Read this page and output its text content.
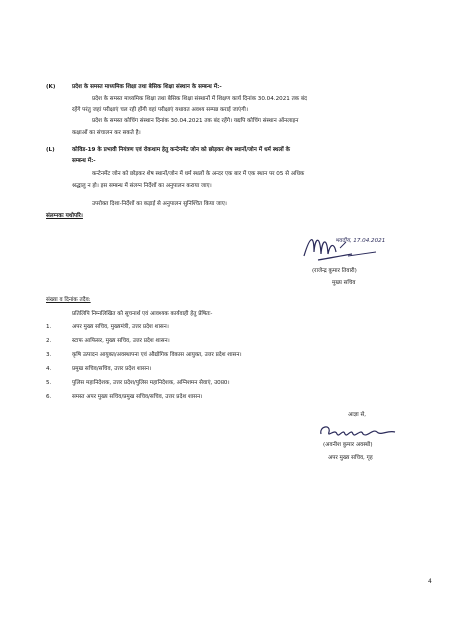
(K)	प्रदेश के समस्त माध्यमिक शिक्षा तथा बेसिक शिक्षा संस्थान के सम्बन्ध में:-
प्रदेश के समस्त माध्यमिक शिक्षा तथा बेसिक शिक्षा संस्थानों में शिक्षण कार्य दिनांक 30.04.2021 तक बंद
रहेंगे परंतु जहां परीक्षाएं चल रही होंगी वहां परीक्षाएं यथावत अवश्य सम्पन्न कराई जाएंगी।
प्रदेश के समस्त कोचिंग संस्थान दिनांक 30.04.2021 तक बंद रहेंगे। यद्यपि कोचिंग संस्थान ऑनलाइन
कक्षाओं का संचालन कर सकते है।
(L)	कोविड-19 के प्रभावी नियंत्रण एवं रोकथाम हेतु कन्टेनमेंट जोन को छोड़कर शेष स्थानों/जोन में धर्म स्थलों के
सम्बन्ध में:-
कन्टेनमेंट जोन को छोड़कर शेष स्थानों/जोन में धर्म स्थलों के अन्दर एक बार में एक स्थान पर 05 से अधिक
श्रद्धालु न हो। इस सम्बन्ध में संलग्न निर्देशों का अनुपालन कराया जाए।
उपरोक्त दिशा-निर्देशों का कड़ाई से अनुपालन सुनिश्चित किया जाए।
संलग्नकः यथोपरि।
भवदीय, 17.04.2021
(राजेन्द्र कुमार तिवारी)
मुख्य सचिव
संख्या व दिनांक तदैव:
प्रतिलिपि निम्नलिखित को सूचनार्थ एवं आवश्यक कार्यवाही हेतु प्रेषितः-
1.	अपर मुख्य सचिव, मुख्यमंत्री, उत्तर प्रदेश शासन।
2.	स्टाफ आफिसर, मुख्य सचिव, उत्तर प्रदेश शासन।
3.	कृषि उत्पादन आयुक्त/अवस्थापना एवं औद्योगिक विकास आयुक्त, उत्तर प्रदेश शासन।
4.	प्रमुख सचिव/सचिव, उत्तर प्रदेश शासन।
5.	पुलिस महानिदेशक, उत्तर प्रदेश/पुलिस महानिदेशक, अग्निशमन सेवाएं, उ0प्र0।
6.	समस्त अपर मुख्य सचिव/प्रमुख सचिव/सचिव, उत्तर प्रदेश शासन।
आज्ञा से,
(अवनीश कुमार अवस्थी)
अपर मुख्य सचिव, गृह
4
